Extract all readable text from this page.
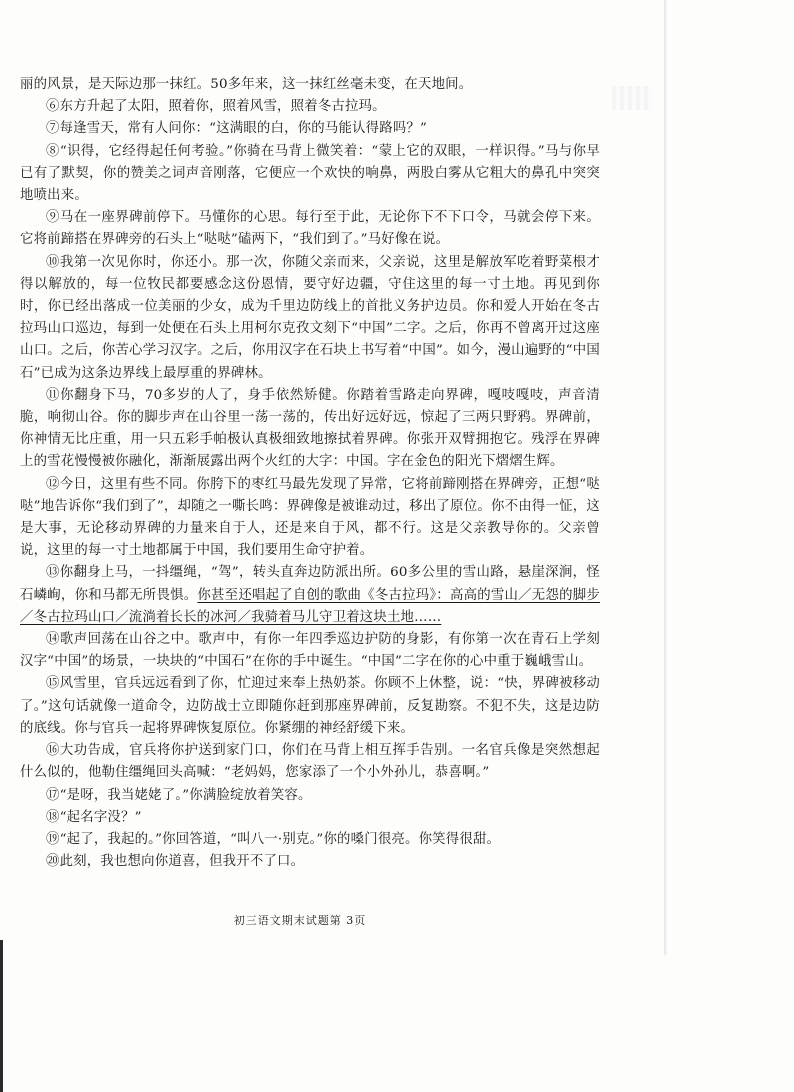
丽的风景，是天际边那一抹红。50多年来，这一抹红丝毫未变，在天地间。

⑥东方升起了太阳，照着你，照着风雪，照着冬古拉玛。

⑦每逢雪天，常有人问你：“这满眼的白，你的马能认得路吗？”

⑧“识得，它经得起任何考验。”你骑在马背上微笑着：“蒙上它的双眼，一样识得。”马与你早已有了默契，你的赞美之词声音刚落，它便应一个欢快的响鼻，两股白雾从它粗大的鼻孔中突突地喷出来。

⑨马在一座界碑前停下。马懂你的心思。每行至于此，无论你下不下口令，马就会停下来。它将前蹄搭在界碑旁的石头上“哒哒”磕两下，“我们到了。”马好像在说。

⑩我第一次见你时，你还小。那一次，你随父亲而来，父亲说，这里是解放军吃着野菜根才得以解放的，每一位牧民都要感念这份恩情，要守好边疆，守住这里的每一寸土地。再见到你时，你已经出落成一位美丽的少女，成为千里边防线上的首批义务护边员。你和爱人开始在冬古拉玛山口巡边，每到一处便在石头上用柯尔克孜文刻下“中国”二字。之后，你再不曾离开过这座山口。之后，你苦心学习汉字。之后，你用汉字在石块上书写着“中国”。如今，漫山遍野的“中国石”已成为这条边界线上最厚重的界碑林。

⑪你翻身下马，70多岁的人了，身手依然矫健。你踏着雪路走向界碑，嘎吱嘎吱，声音清脆，响彻山谷。你的脚步声在山谷里一荡一荡的，传出好远好远，惊起了三两只野鸦。界碑前，你神情无比庄重，用一只五彩手帕极认真极细致地擦拭着界碑。你张开双臂拥抱它。残浮在界碑上的雪花慢慢被你融化，渐渐展露出两个火红的大字：中国。字在金色的阳光下熠熠生辉。

⑫今日，这里有些不同。你胯下的枣红马最先发现了异常，它将前蹄刚搭在界碑旁，正想“哒哒”地告诉你“我们到了”，却随之一嘶长鸣：界碑像是被谁动过，移出了原位。你不由得一怔，这是大事，无论移动界碑的力量来自于人，还是来自于风，都不行。这是父亲教导你的。父亲曾说，这里的每一寸土地都属于中国，我们要用生命守护着。

⑬你翻身上马，一抖缰绳，“驾”，转头直奔边防派出所。60多公里的雪山路，悬崖深涧，怪石嶙峋，你和马都无所畏惧。你甚至还唱起了自创的歌曲《冬古拉玛》：高高的雪山／无怨的脚步／冬古拉玛山口／流淌着长长的冰河／我骑着马儿守卫着这块土地……

⑭歌声回荡在山谷之中。歌声中，有你一年四季巡边护防的身影，有你第一次在青石上学刻汉字“中国”的场景，一块块的“中国石”在你的手中诞生。“中国”二字在你的心中重于巍峨雪山。

⑮风雪里，官兵远远看到了你，忙迎过来奉上热奶茶。你顾不上休整，说：“快，界碑被移动了。”这句话就像一道命令，边防战士立即随你赶到那座界碑前，反复勘察。不犯不失，这是边防的底线。你与官兵一起将界碑恢复原位。你紧绷的神经舒缓下来。

⑯大功告成，官兵将你护送到家门口，你们在马背上相互挥手告别。一名官兵像是突然想起什么似的，他勒住缰绳回头高喊：“老妈妈，您家添了一个小外孙儿，恭喜啊。”

⑰“是呀，我当姥姥了。”你满脸绽放着笑容。

⑱“起名字没？”

⑲“起了，我起的。”你回答道，“叫八一·别克。”你的嗓门很亮。你笑得很甜。

⑳此刻，我也想向你道喜，但我开不了口。

初三语文期末试题第 3页
